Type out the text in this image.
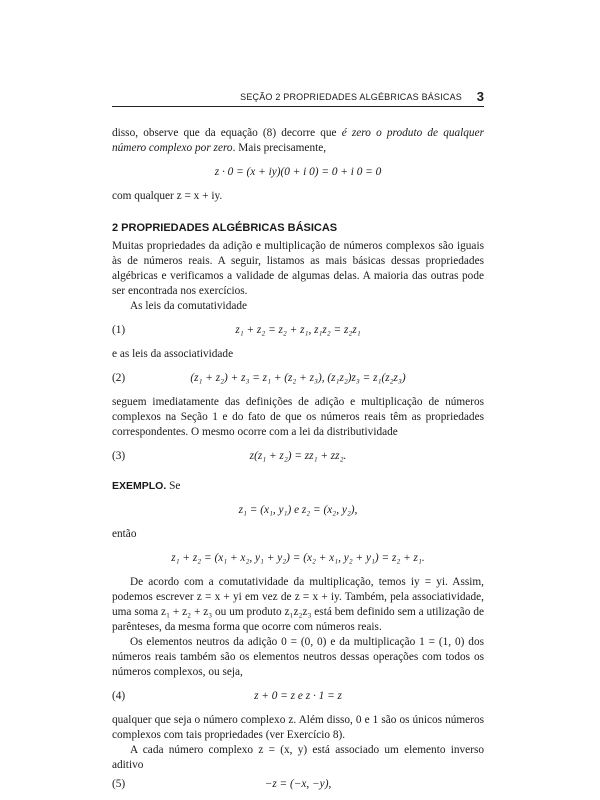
SEÇÃO 2 PROPRIEDADES ALGÉBRICAS BÁSICAS 3

disso, observe que da equação (8) decorre que é zero o produto de qualquer número complexo por zero. Mais precisamente,

z · 0 = (x + iy)(0 + i 0) = 0 + i 0 = 0

com qualquer z = x + iy.

2 PROPRIEDADES ALGÉBRICAS BÁSICAS

Muitas propriedades da adição e multiplicação de números complexos são iguais às de números reais. A seguir, listamos as mais básicas dessas propriedades algébricas e verificamos a validade de algumas delas. A maioria das outras pode ser encontrada nos exercícios.

As leis da comutatividade

(1)	z₁ + z₂ = z₂ + z₁, z₁z₂ = z₂z₁

e as leis da associatividade

(2)	(z₁ + z₂) + z₃ = z₁ + (z₂ + z₃), (z₁z₂)z₃ = z₁(z₂z₃)

seguem imediatamente das definições de adição e multiplicação de números complexos na Seção 1 e do fato de que os números reais têm as propriedades correspondentes. O mesmo ocorre com a lei da distributividade

(3)	z(z₁ + z₂) = zz₁ + zz₂.

EXEMPLO. Se

z₁ = (x₁, y₁) e z₂ = (x₂, y₂),

então

z₁ + z₂ = (x₁ + x₂, y₁ + y₂) = (x₂ + x₁, y₂ + y₁) = z₂ + z₁.

De acordo com a comutatividade da multiplicação, temos iy = yi. Assim, podemos escrever z = x + yi em vez de z = x + iy. Também, pela associatividade, uma soma z₁ + z₂ + z₃ ou um produto z₁z₂z₃ está bem definido sem a utilização de parênteses, da mesma forma que ocorre com números reais.

Os elementos neutros da adição 0 = (0, 0) e da multiplicação 1 = (1, 0) dos números reais também são os elementos neutros dessas operações com todos os números complexos, ou seja,

(4)	z + 0 = z e z · 1 = z

qualquer que seja o número complexo z. Além disso, 0 e 1 são os únicos números complexos com tais propriedades (ver Exercício 8).

A cada número complexo z = (x, y) está associado um elemento inverso aditivo

(5)	−z = (−x, −y),
